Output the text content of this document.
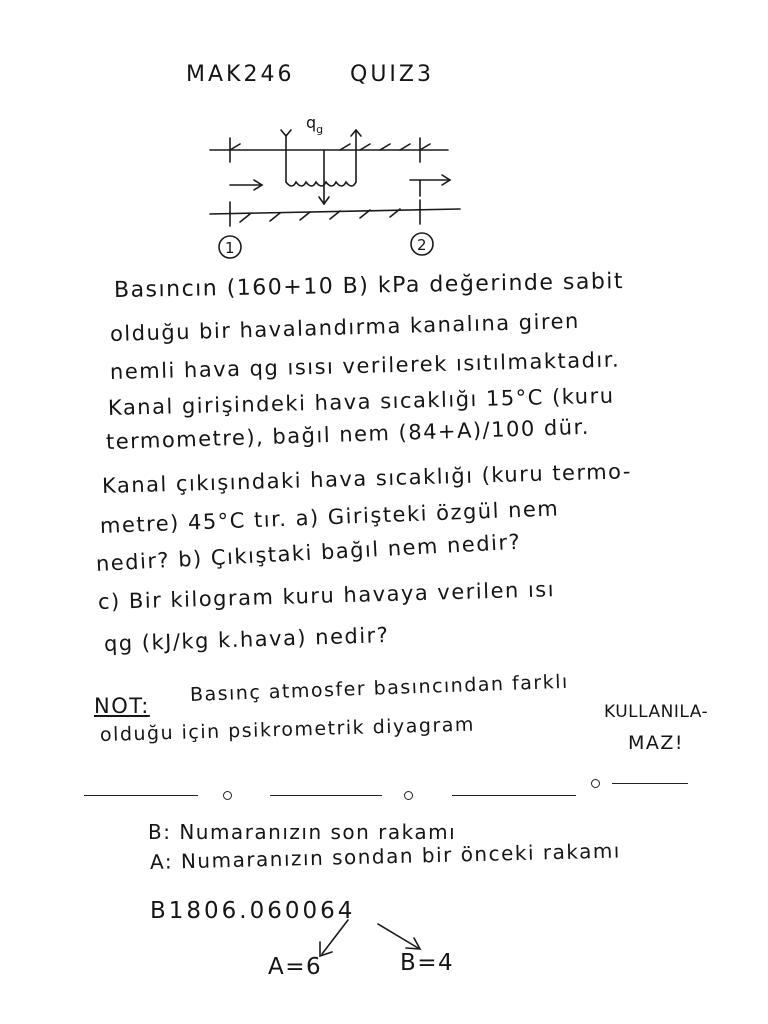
MAK246	QUIZ3
$q_g$
1	2
Basıncın (160+10 B) kPa değerinde sabit
olduğu bir havalandırma kanalına giren
nemli hava qg ısısı verilerek ısıtılmaktadır.
Kanal girişindeki hava sıcaklığı 15°C (kuru
termometre), bağıl nem (84+A)/100 dür.
Kanal çıkışındaki hava sıcaklığı (kuru termo-
metre) 45°C tır. a) Girişteki özgül nem
nedir? b) Çıkıştaki bağıl nem nedir?
c) Bir kilogram kuru havaya verilen ısı
qg (kJ/kg k.hava) nedir?
NOT:
Basınç atmosfer basıncından farklı
olduğu için psikrometrik diyagram
KULLANILA-
MAZ!
B: Numaranızın son rakamı
A: Numaranızın sondan bir önceki rakamı
B1806.060064
A=6	B=4
